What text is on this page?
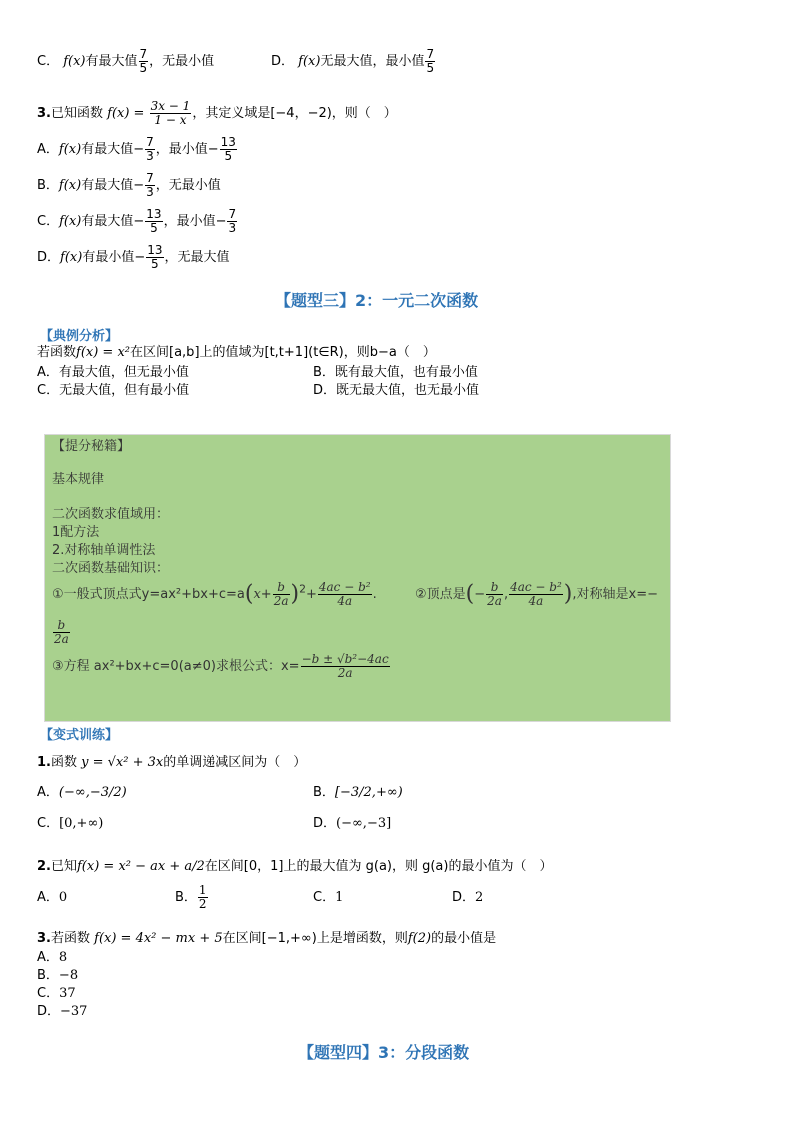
C． f(x)有最大值 $\frac{7}{5}$ ，无最小值	D． f(x)无最大值，最小值 $\frac{7}{5}$
3.已知函数 $f(x) = \frac{3x - 1}{1 - x}$ ，其定义域是[−4，−2)，则（　）
A．f(x)有最大值− $\frac{7}{3}$ ，最小值− $\frac{13}{5}$
B．f(x)有最大值− $\frac{7}{3}$ ，无最小值
C．f(x)有最大值− $\frac{13}{5}$ ，最小值− $\frac{7}{3}$
D．f(x)有最小值− $\frac{13}{5}$ ，无最大值
【题型三】2：一元二次函数
【典例分析】
若函数f(x) = x²在区间[a,b]上的值域为[t,t+1](t∈R)，则b−a（　）
A．有最大值，但无最小值	B．既有最大值，也有最小值
C．无最大值，但有最小值	D．既无最大值，也无最小值
【提分秘籍】
基本规律
二次函数求值域用：
1配方法
2.对称轴单调性法
二次函数基础知识：
①一般式顶点式$y=ax^2+bx+c=a(x+ \frac{b}{2a} )^2+ \frac{\text{4ac − b²}}{4a}$ .	②顶点是(− $\frac{b}{2a}$ , $\frac{\text{4ac − b²}}{4a}$ ),对称轴是x=−
$\frac{b}{2a}$
③方程 ax²+bx+c=0(a≠0)求根公式：$x= \frac{\text{−b ± √b²−4ac}}{2a}$
【变式训练】
1.函数 y = √x² + 3x的单调递减区间为（　）
A．(−∞,−3/2)	B．[−3/2,+∞)
C．[0,+∞)	D．(−∞,−3]
2.已知f(x) = x² − ax + a/2在区间[0，1]上的最大值为 g(a)，则 g(a)的最小值为（　）
A．0	B． $\frac{1}{2}$	C．1	D．2
3.若函数 f(x) = 4x² − mx + 5在区间[−1,+∞)上是增函数，则f(2)的最小值是
A．8
B．−8
C．37
D．−37
【题型四】3：分段函数
